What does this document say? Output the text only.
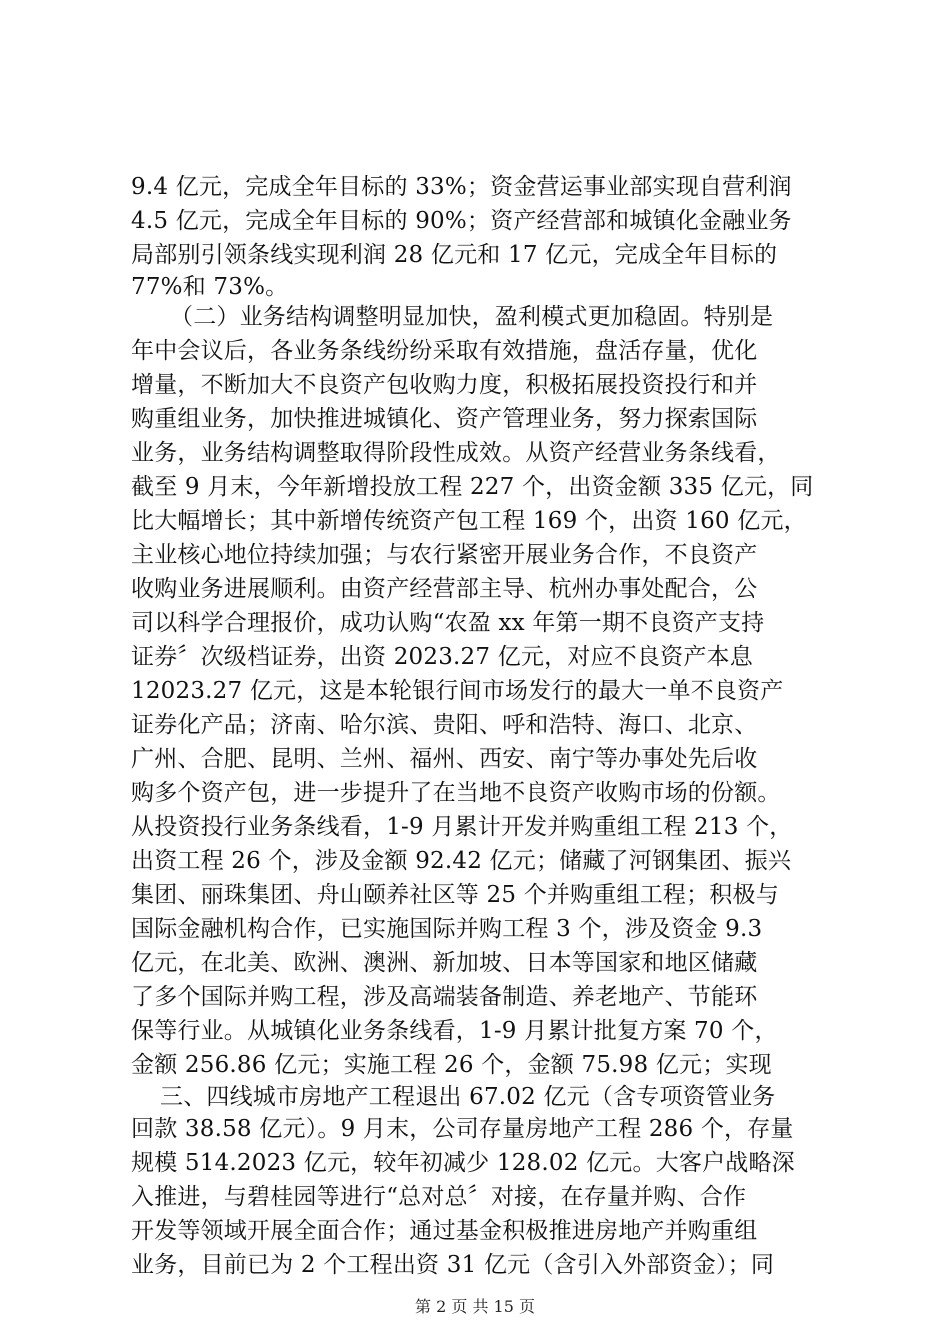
9.4 亿元，完成全年目标的 33%；资金营运事业部实现自营利润
4.5 亿元，完成全年目标的 90%；资产经营部和城镇化金融业务
局部别引领条线实现利润 28 亿元和 17 亿元，完成全年目标的
77%和 73%。
（二）业务结构调整明显加快，盈利模式更加稳固。特别是
年中会议后，各业务条线纷纷采取有效措施，盘活存量，优化
增量，不断加大不良资产包收购力度，积极拓展投资投行和并
购重组业务，加快推进城镇化、资产管理业务，努力探索国际
业务，业务结构调整取得阶段性成效。从资产经营业务条线看，
截至 9 月末，今年新增投放工程 227 个，出资金额 335 亿元，同
比大幅增长；其中新增传统资产包工程 169 个，出资 160 亿元，
主业核心地位持续加强；与农行紧密开展业务合作，不良资产
收购业务进展顺利。由资产经营部主导、杭州办事处配合，公
司以科学合理报价，成功认购“农盈 xx 年第一期不良资产支持
证券〞次级档证券，出资 2023.27 亿元，对应不良资产本息
12023.27 亿元，这是本轮银行间市场发行的最大一单不良资产
证券化产品；济南、哈尔滨、贵阳、呼和浩特、海口、北京、
广州、合肥、昆明、兰州、福州、西安、南宁等办事处先后收
购多个资产包，进一步提升了在当地不良资产收购市场的份额。
从投资投行业务条线看，1-9 月累计开发并购重组工程 213 个，
出资工程 26 个，涉及金额 92.42 亿元；储藏了河钢集团、振兴
集团、丽珠集团、舟山颐养社区等 25 个并购重组工程；积极与
国际金融机构合作，已实施国际并购工程 3 个，涉及资金 9.3
亿元，在北美、欧洲、澳洲、新加坡、日本等国家和地区储藏
了多个国际并购工程，涉及高端装备制造、养老地产、节能环
保等行业。从城镇化业务条线看，1-9 月累计批复方案 70 个，
金额 256.86 亿元；实施工程 26 个，金额 75.98 亿元；实现
三、四线城市房地产工程退出 67.02 亿元（含专项资管业务
回款 38.58 亿元）。9 月末，公司存量房地产工程 286 个，存量
规模 514.2023 亿元，较年初减少 128.02 亿元。大客户战略深
入推进，与碧桂园等进行“总对总〞对接，在存量并购、合作
开发等领域开展全面合作；通过基金积极推进房地产并购重组
业务，目前已为 2 个工程出资 31 亿元（含引入外部资金）；同
第 2 页 共 15 页
